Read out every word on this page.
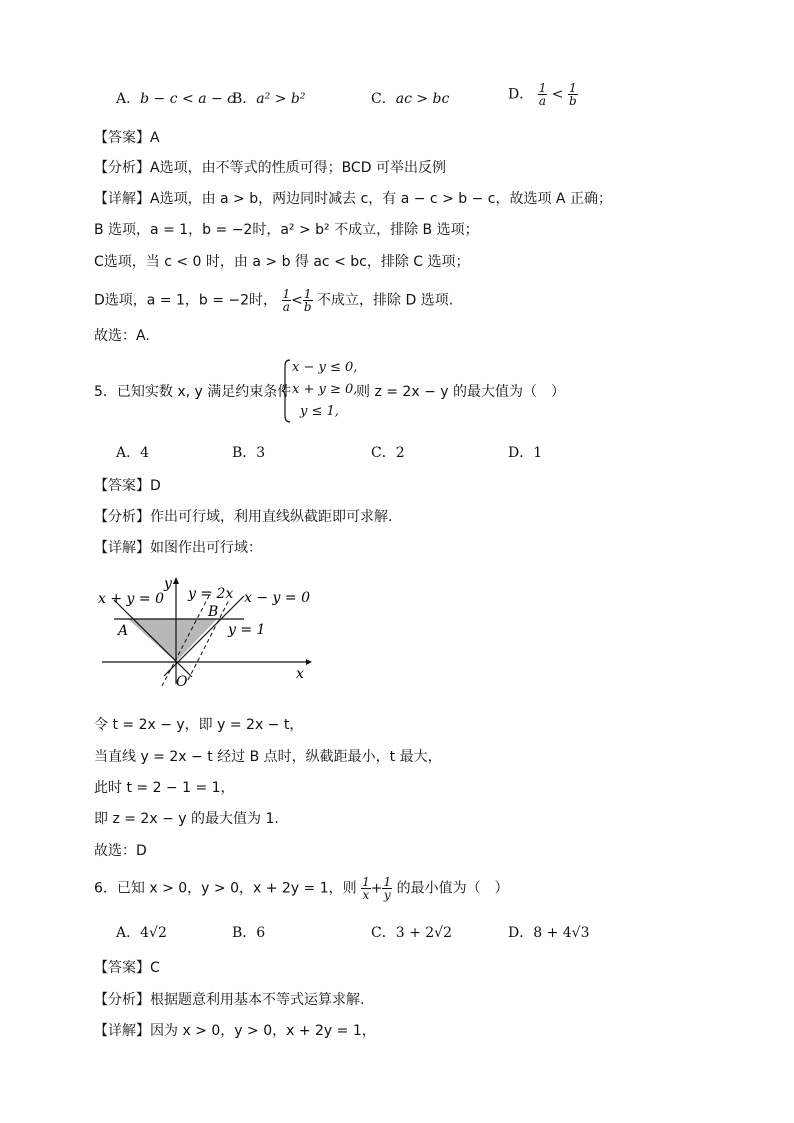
A．b − c < a − c
B．a² > b²	C．ac > bc	D． $\frac{1}{a} < \frac{1}{b}$
【答案】A
【分析】A选项，由不等式的性质可得；BCD 可举出反例
【详解】A选项，由 a > b，两边同时减去 c，有 a − c > b − c，故选项 A 正确；
B 选项，a = 1，b = −2时，a² > b² 不成立，排除 B 选项；
C选项，当 c < 0 时，由 a > b 得 ac < bc，排除 C 选项；
D选项，a = 1，b = −2时， $\frac{1}{a} < \frac{1}{b}$ 不成立，排除 D 选项.
故选：A.
5．已知实数 x, y 满足约束条件
x − y ≤ 0,
x + y ≥ 0,
y ≤ 1,
则 z = 2x − y 的最大值为（　）
A．4	B．3	C．2	D．1
【答案】D
【分析】作出可行域，利用直线纵截距即可求解.
【详解】如图作出可行域：
x + y = 0 y = 2x x − y = 0
y = 1
A
B
O	x
y
令 t = 2x − y，即 y = 2x − t，
当直线 y = 2x − t 经过 B 点时，纵截距最小，t 最大，
此时 t = 2 − 1 = 1，
即 z = 2x − y 的最大值为 1.
故选：D
6．已知 x > 0，y > 0，x + 2y = 1，则 $\frac{1}{x} + \frac{1}{y}$ 的最小值为（　）
A．4√2	B．6	C．3 + 2√2	D．8 + 4√3
【答案】C
【分析】根据题意利用基本不等式运算求解.
【详解】因为 x > 0，y > 0，x + 2y = 1，
